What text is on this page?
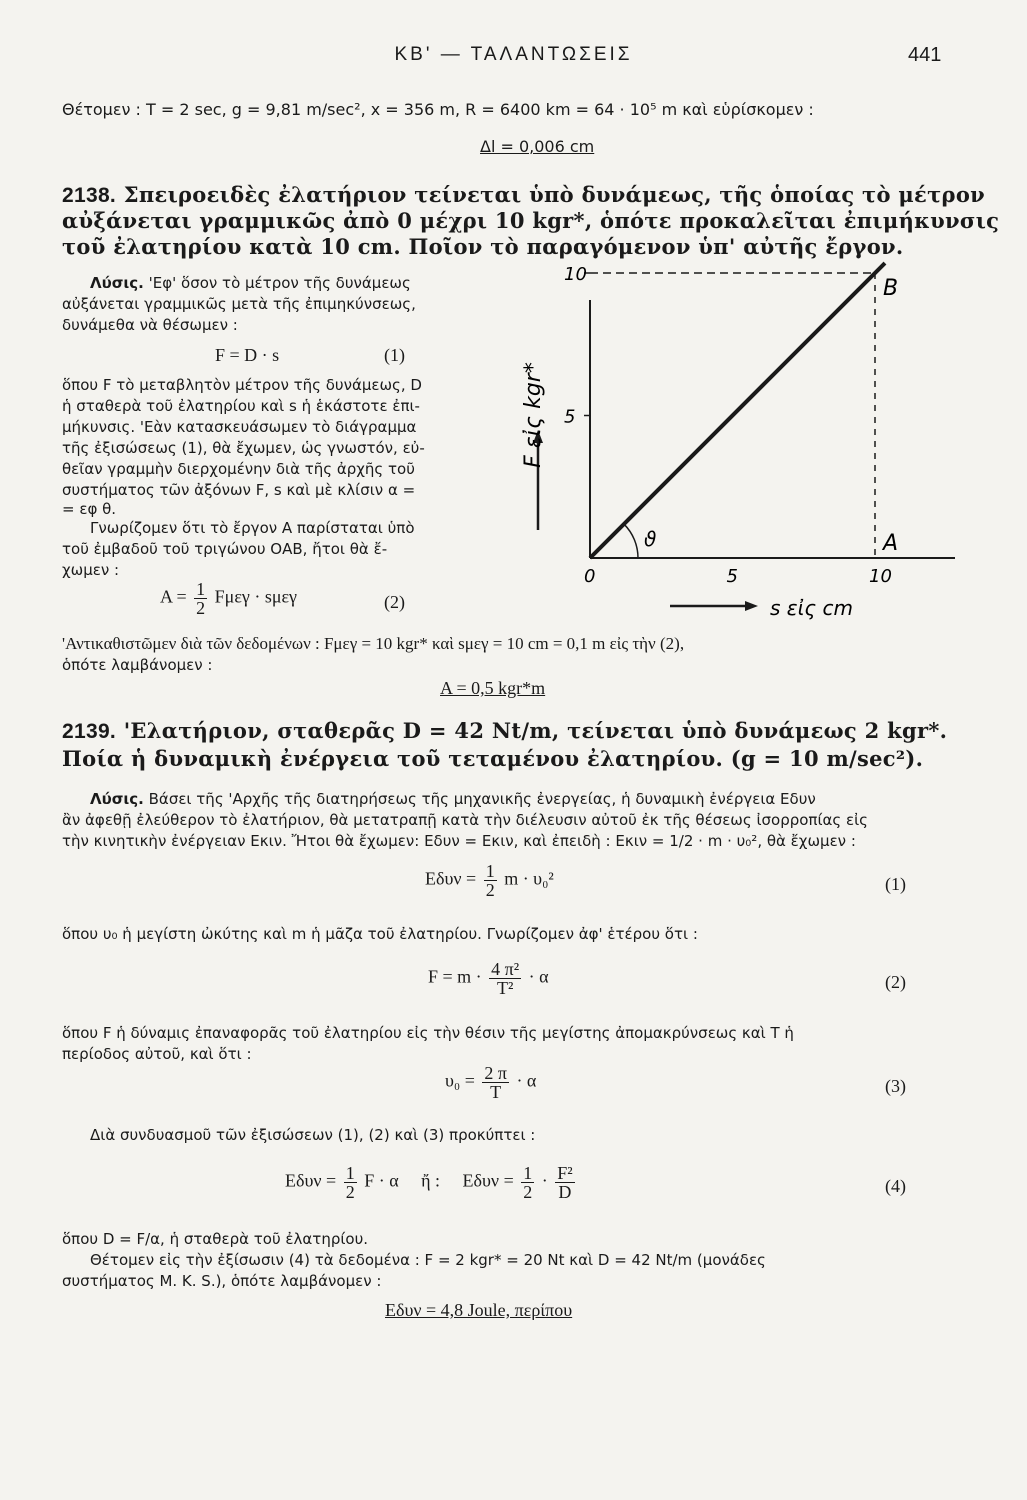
ΚΒ' — ΤΑΛΑΝΤΩΣΕΙΣ	441
Θέτομεν : T = 2 sec, g = 9,81 m/sec², x = 356 m, R = 6400 km = 64 · 10⁵ m καὶ εὑρίσκομεν :
Δl = 0,006 cm
2138. Σπειροειδὲς ἐλατήριον τείνεται ὑπὸ δυνάμεως, τῆς ὁποίας τὸ μέτρον
αὐξάνεται γραμμικῶς ἀπὸ 0 μέχρι 10 kgr*, ὁπότε προκαλεῖται ἐπιμήκυνσις
τοῦ ἐλατηρίου κατὰ 10 cm. Ποῖον τὸ παραγόμενον ὑπ' αὐτῆς ἔργον.
Λύσις. 'Εφ' ὅσον τὸ μέτρον τῆς δυνάμεως
αὐξάνεται γραμμικῶς μετὰ τῆς ἐπιμηκύνσεως,
δυνάμεθα νὰ θέσωμεν :
F = D · s	(1)
ὅπου F τὸ μεταβλητὸν μέτρον τῆς δυνάμεως, D
ἡ σταθερὰ τοῦ ἐλατηρίου καὶ s ἡ ἑκάστοτε ἐπι-
μήκυνσις. 'Εὰν κατασκευάσωμεν τὸ διάγραμμα
τῆς ἐξισώσεως (1), θὰ ἔχωμεν, ὡς γνωστόν, εὐ-
θεῖαν γραμμὴν διερχομένην διὰ τῆς ἀρχῆς τοῦ
συστήματος τῶν ἀξόνων F, s καὶ μὲ κλίσιν α =
= εφ θ.
Γνωρίζομεν ὅτι τὸ ἔργον Α παρίσταται ὑπὸ
τοῦ ἐμβαδοῦ τοῦ τριγώνου ΟΑΒ, ἤτοι θὰ ἔ-
χωμεν :
$A = \frac{1}{2}$ Fμεγ · sμεγ	(2)
5
10
0	5	10
ϑ	A
B
F εἰς kgr*
s εἰς cm
'Αντικαθιστῶμεν διὰ τῶν δεδομένων : Fμεγ = 10 kgr* καὶ sμεγ = 10 cm = 0,1 m εἰς τὴν (2),
ὁπότε λαμβάνομεν :
A = 0,5 kgr*m
2139. 'Ελατήριον, σταθερᾶς D = 42 Nt/m, τείνεται ὑπὸ δυνάμεως 2 kgr*.
Ποία ἡ δυναμικὴ ἐνέργεια τοῦ τεταμένου ἐλατηρίου. (g = 10 m/sec²).
Λύσις. Βάσει τῆς 'Αρχῆς τῆς διατηρήσεως τῆς μηχανικῆς ἐνεργείας, ἡ δυναμικὴ ἐνέργεια Εδυν
ἂν ἀφεθῇ ἐλεύθερον τὸ ἐλατήριον, θὰ μετατραπῇ κατὰ τὴν διέλευσιν αὐτοῦ ἐκ τῆς θέσεως ἰσορροπίας εἰς
τὴν κινητικὴν ἐνέργειαν Εκιν. Ἤτοι θὰ ἔχωμεν: Εδυν = Εκιν, καὶ ἐπειδὴ : Εκιν = 1/2 · m · υ₀², θὰ ἔχωμεν :
$E\delta\upsilon\nu = \frac{1}{2}$ m · υ₀²	(1)
ὅπου υ₀ ἡ μεγίστη ὠκύτης καὶ m ἡ μᾶζα τοῦ ἐλατηρίου. Γνωρίζομεν ἀφ' ἑτέρου ὅτι :
$F = m \cdot \frac{\text{4 π²}}{\text{T²}} \cdot \alpha$	(2)
ὅπου F ἡ δύναμις ἐπαναφορᾶς τοῦ ἐλατηρίου εἰς τὴν θέσιν τῆς μεγίστης ἀπομακρύνσεως καὶ T ἡ
περίοδος αὐτοῦ, καὶ ὅτι :
$\upsilon_0 = \frac{2 \pi}{T} \cdot \alpha$	(3)
Διὰ συνδυασμοῦ τῶν ἐξισώσεων (1), (2) καὶ (3) προκύπτει :
$E\delta\upsilon\nu = \frac{1}{2}$ F · α     ἤ :     $E\delta\upsilon\nu = \frac{1}{2} \cdot \frac{\text{F²}}{D}$	(4)
ὅπου D = F/α, ἡ σταθερὰ τοῦ ἐλατηρίου.
Θέτομεν εἰς τὴν ἐξίσωσιν (4) τὰ δεδομένα : F = 2 kgr* = 20 Nt καὶ D = 42 Nt/m (μονάδες
συστήματος M. K. S.), ὁπότε λαμβάνομεν :
Eδυν = 4,8 Joule, περίπου
